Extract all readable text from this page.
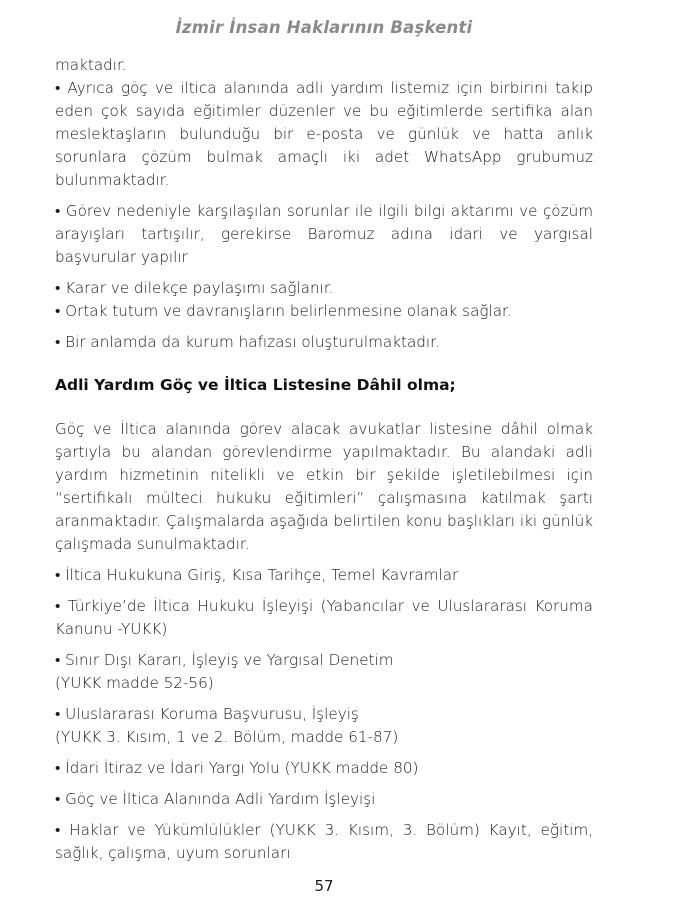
İzmir İnsan Haklarının Başkenti

maktadır.

• Ayrıca göç ve iltica alanında adli yardım listemiz için birbirini takip eden çok sayıda eğitimler düzenler ve bu eğitimlerde sertifika alan meslektaşların bulunduğu bir e-posta ve günlük ve hatta anlık sorunlara çözüm bulmak amaçlı iki adet WhatsApp grubumuz bulunmaktadır.

• Görev nedeniyle karşılaşılan sorunlar ile ilgili bilgi aktarımı ve çözüm arayışları tartışılır, gerekirse Baromuz adına idari ve yargısal başvurular yapılır

• Karar ve dilekçe paylaşımı sağlanır.

• Ortak tutum ve davranışların belirlenmesine olanak sağlar.

• Bir anlamda da kurum hafızası oluşturulmaktadır.

Adli Yardım Göç ve İltica Listesine Dâhil olma;

Göç ve İltica alanında görev alacak avukatlar listesine dâhil olmak şartıyla bu alandan görevlendirme yapılmaktadır. Bu alandaki adli yardım hizmetinin nitelikli ve etkin bir şekilde işletilebilmesi için “sertifikalı mülteci hukuku eğitimleri” çalışmasına katılmak şartı aranmaktadır. Çalışmalarda aşağıda belirtilen konu başlıkları iki günlük çalışmada sunulmaktadır.

• İltica Hukukuna Giriş, Kısa Tarihçe, Temel Kavramlar

• Türkiye’de İltica Hukuku İşleyişi (Yabancılar ve Uluslararası Koruma Kanunu -YUKK)

• Sınır Dışı Kararı, İşleyiş ve Yargısal Denetim
(YUKK madde 52-56)

• Uluslararası Koruma Başvurusu, İşleyiş
(YUKK 3. Kısım, 1 ve 2. Bölüm, madde 61-87)

• İdari İtiraz ve İdari Yargı Yolu (YUKK madde 80)

• Göç ve İltica Alanında Adli Yardım İşleyişi

• Haklar ve Yükümlülükler (YUKK 3. Kısım, 3. Bölüm) Kayıt, eğitim, sağlık, çalışma, uyum sorunları

57
